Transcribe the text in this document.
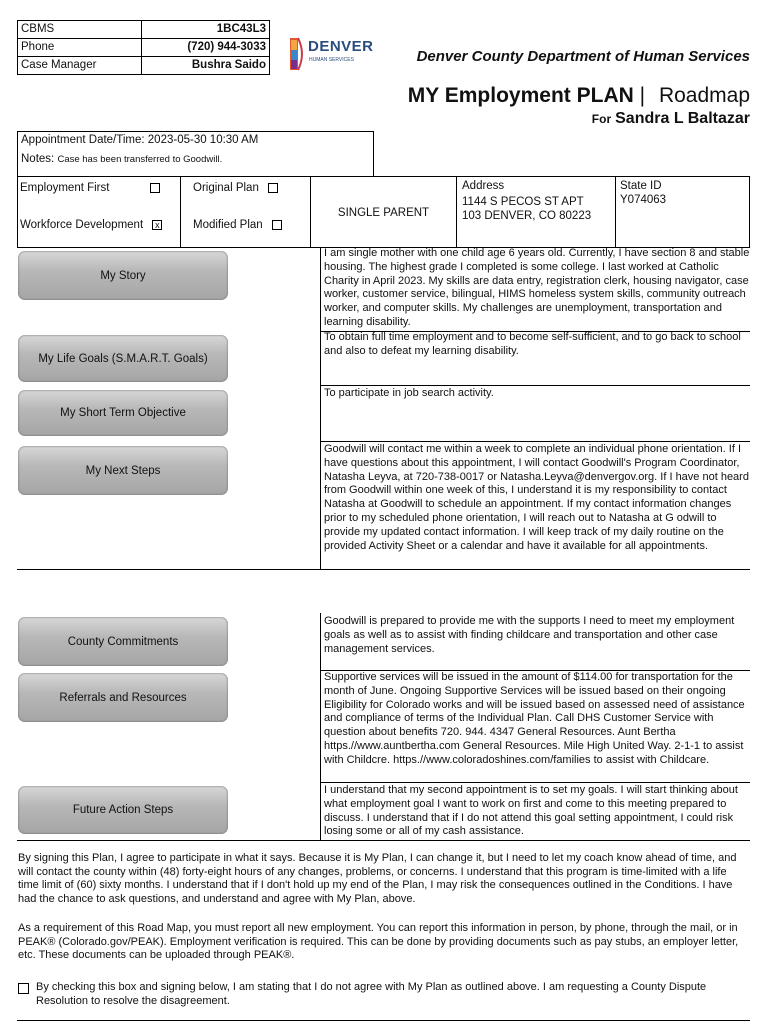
CBMS	1BC43L3
Phone	(720) 944-3033
Case Manager	Bushra Saido
DENVER
HUMAN SERVICES	Denver County Department of Human Services
MY Employment PLAN | Roadmap
For Sandra L Baltazar
Appointment Date/Time: 2023-05-30 10:30 AM
Notes: Case has been transferred to Goodwill.
Employment First
Workforce Development x
Original Plan
Modified Plan
SINGLE PARENT
Address
1144 S PECOS ST APT
103 DENVER, CO 80223
State ID
Y074063
My Story
I am single mother with one child age 6 years old. Currently, I have section 8 and stable housing. The highest grade I completed is some college. I last worked at Catholic Charity in April 2023. My skills are data entry, registration clerk, housing navigator, case worker, customer service, bilingual, HIMS homeless system skills, community outreach worker, and computer skills. My challenges are unemployment, transportation and learning disability.
My Life Goals (S.M.A.R.T. Goals)
To obtain full time employment and to become self-sufficient, and to go back to school and also to defeat my learning disability.
My Short Term Objective
To participate in job search activity.
My Next Steps
Goodwill will contact me within a week to complete an individual phone orientation. If I have questions about this appointment, I will contact Goodwill's Program Coordinator, Natasha Leyva, at 720-738-0017 or Natasha.Leyva@denvergov.org. If I have not heard from Goodwill within one week of this, I understand it is my responsibility to contact Natasha at Goodwill to schedule an appointment. If my contact information changes prior to my scheduled phone orientation, I will reach out to Natasha at G odwill to provide my updated contact information. I will keep track of my daily routine on the provided Activity Sheet or a calendar and have it available for all appointments.
County Commitments
Goodwill is prepared to provide me with the supports I need to meet my employment goals as well as to assist with finding childcare and transportation and other case management services.
Referrals and Resources
Supportive services will be issued in the amount of $114.00 for transportation for the month of June. Ongoing Supportive Services will be issued based on their ongoing Eligibility for Colorado works and will be issued based on assessed need of assistance and compliance of terms of the Individual Plan. Call DHS Customer Service with question about benefits 720. 944. 4347 General Resources. Aunt Bertha https.//www.auntbertha.com General Resources. Mile High United Way. 2-1-1 to assist with Childcre. https.//www.coloradoshines.com/families to assist with Childcare.
Future Action Steps
I understand that my second appointment is to set my goals. I will start thinking about what employment goal I want to work on first and come to this meeting prepared to discuss. I understand that if I do not attend this goal setting appointment, I could risk losing some or all of my cash assistance.
By signing this Plan, I agree to participate in what it says. Because it is My Plan, I can change it, but I need to let my coach know ahead of time, and will contact the county within (48) forty-eight hours of any changes, problems, or concerns. I understand that this program is time-limited with a life time limit of (60) sixty months. I understand that if I don't hold up my end of the Plan, I may risk the consequences outlined in the Conditions. I have had the chance to ask questions, and understand and agree with My Plan, above.
As a requirement of this Road Map, you must report all new employment. You can report this information in person, by phone, through the mail, or in PEAK® (Colorado.gov/PEAK). Employment verification is required. This can be done by providing documents such as pay stubs, an employer letter, etc. These documents can be uploaded through PEAK®.
By checking this box and signing below, I am stating that I do not agree with My Plan as outlined above. I am requesting a County Dispute Resolution to resolve the disagreement.
